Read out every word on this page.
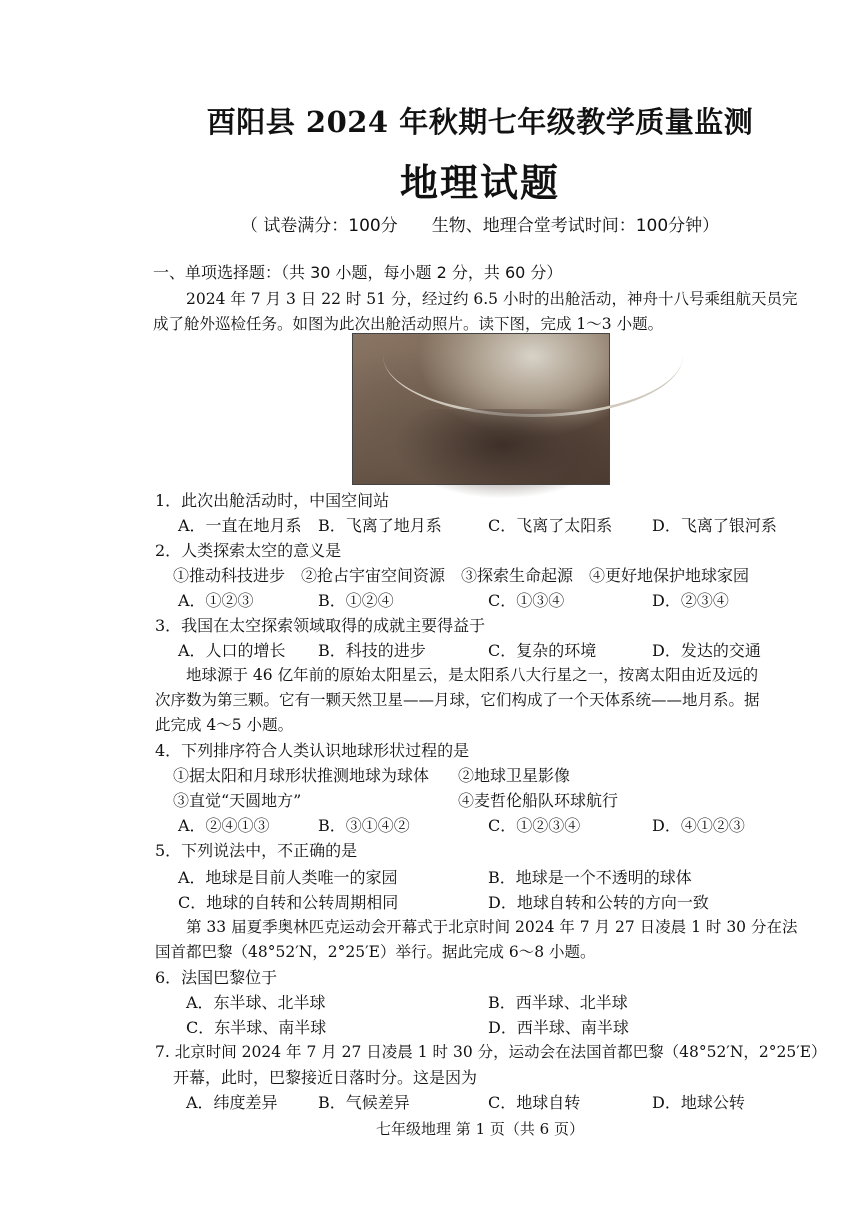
酉阳县 2024 年秋期七年级教学质量监测
地理试题
（ 试卷满分：100分　　生物、地理合堂考试时间：100分钟）
一、单项选择题：（共 30 小题，每小题 2 分，共 60 分）
2024 年 7 月 3 日 22 时 51 分，经过约 6.5 小时的出舱活动，神舟十八号乘组航天员完
成了舱外巡检任务。如图为此次出舱活动照片。读下图，完成 1～3 小题。
1．此次出舱活动时，中国空间站
A．一直在地月系 B．飞离了地月系	C．飞离了太阳系 D．飞离了银河系
2．人类探索太空的意义是
①推动科技进步　②抢占宇宙空间资源　③探索生命起源　④更好地保护地球家园
A．①②③	B．①②④	C．①③④	D．②③④
3．我国在太空探索领域取得的成就主要得益于
A．人口的增长 B．科技的进步	C．复杂的环境	D．发达的交通
地球源于 46 亿年前的原始太阳星云，是太阳系八大行星之一，按离太阳由近及远的
次序数为第三颗。它有一颗天然卫星——月球，它们构成了一个天体系统——地月系。据
此完成 4～5 小题。
4．下列排序符合人类认识地球形状过程的是
①据太阳和月球形状推测地球为球体 ②地球卫星影像
③直觉“天圆地方”	④麦哲伦船队环球航行
A．②④①③	B．③①④②	C．①②③④	D．④①②③
5．下列说法中，不正确的是
A．地球是目前人类唯一的家园	B．地球是一个不透明的球体
C．地球的自转和公转周期相同	D．地球自转和公转的方向一致
第 33 届夏季奥林匹克运动会开幕式于北京时间 2024 年 7 月 27 日凌晨 1 时 30 分在法
国首都巴黎（48°52′N，2°25′E）举行。据此完成 6～8 小题。
6．法国巴黎位于
A．东半球、北半球	B．西半球、北半球
C．东半球、南半球	D．西半球、南半球
7. 北京时间 2024 年 7 月 27 日凌晨 1 时 30 分，运动会在法国首都巴黎（48°52′N，2°25′E）
开幕，此时，巴黎接近日落时分。这是因为
A．纬度差异	B．气候差异	C．地球自转	D．地球公转
七年级地理 第 1 页（共 6 页）
